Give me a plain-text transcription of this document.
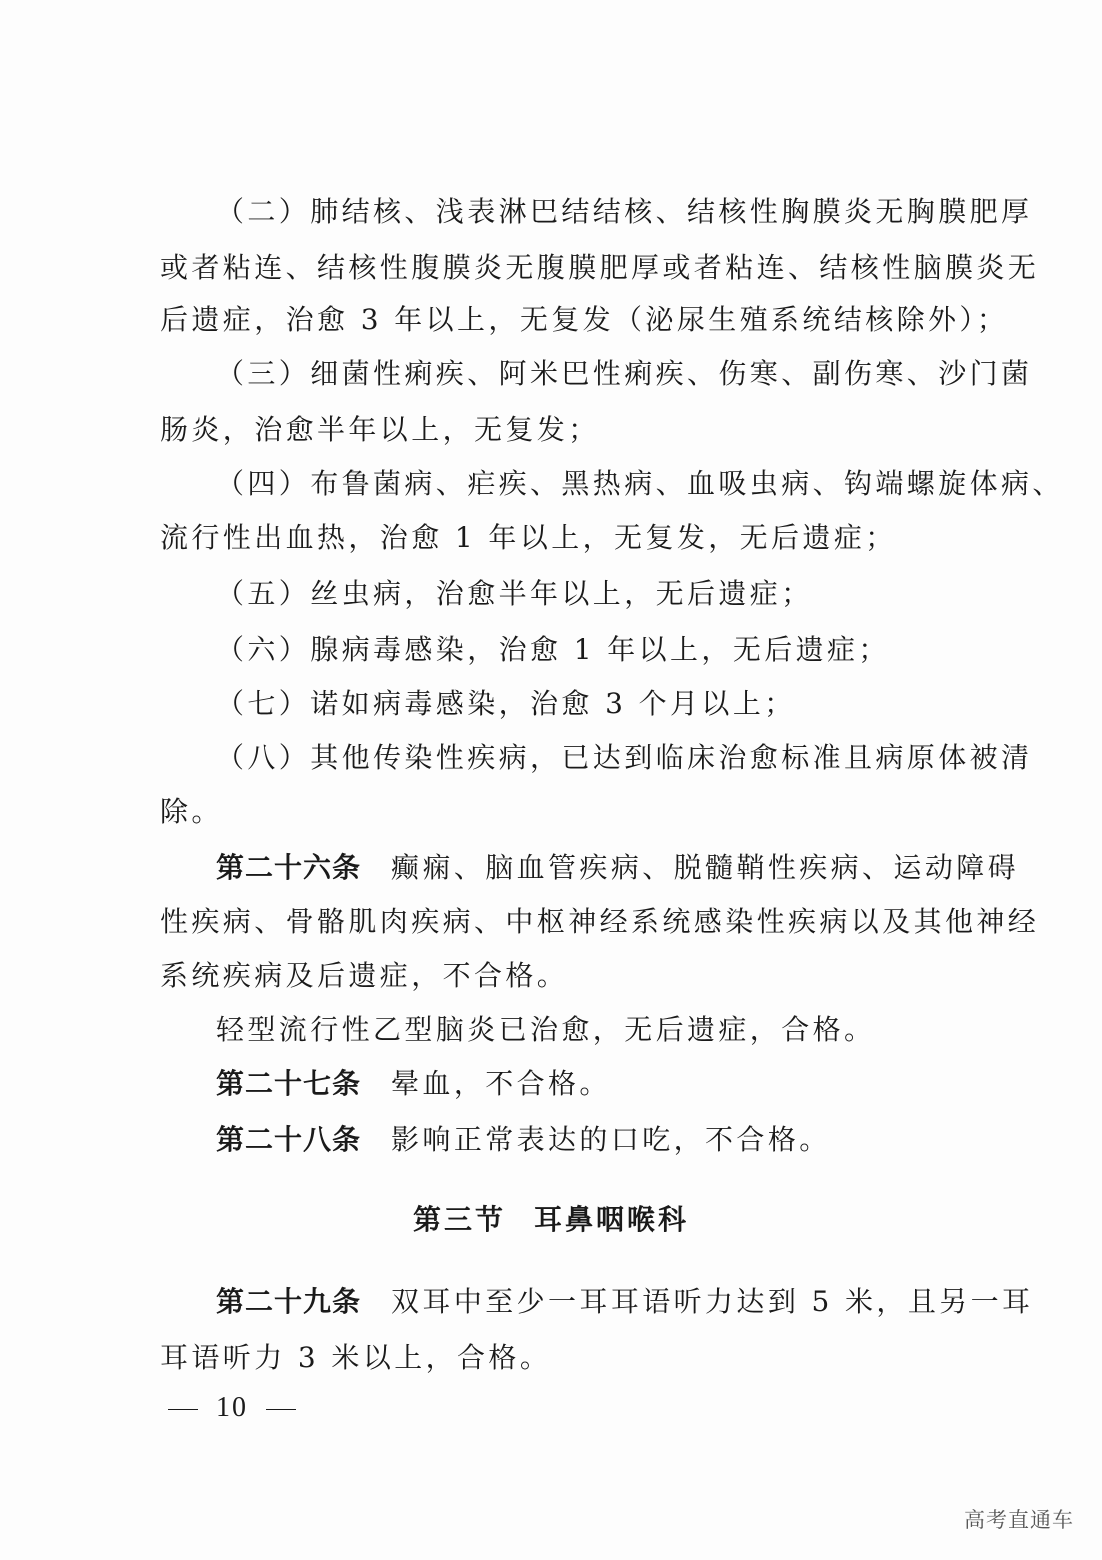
（二）肺结核、浅表淋巴结结核、结核性胸膜炎无胸膜肥厚
或者粘连、结核性腹膜炎无腹膜肥厚或者粘连、结核性脑膜炎无
后遗症，治愈 3 年以上，无复发（泌尿生殖系统结核除外）；
（三）细菌性痢疾、阿米巴性痢疾、伤寒、副伤寒、沙门菌
肠炎，治愈半年以上，无复发；
（四）布鲁菌病、疟疾、黑热病、血吸虫病、钩端螺旋体病、
流行性出血热，治愈 1 年以上，无复发，无后遗症；
（五）丝虫病，治愈半年以上，无后遗症；
（六）腺病毒感染，治愈 1 年以上，无后遗症；
（七）诺如病毒感染，治愈 3 个月以上；
（八）其他传染性疾病，已达到临床治愈标准且病原体被清
除。
第二十六条 癫痫、脑血管疾病、脱髓鞘性疾病、运动障碍
性疾病、骨骼肌肉疾病、中枢神经系统感染性疾病以及其他神经
系统疾病及后遗症，不合格。
轻型流行性乙型脑炎已治愈，无后遗症，合格。
第二十七条 晕血，不合格。
第二十八条 影响正常表达的口吃，不合格。
第三节 耳鼻咽喉科
第二十九条 双耳中至少一耳耳语听力达到 5 米，且另一耳
耳语听力 3 米以上，合格。
10
高考直通车
